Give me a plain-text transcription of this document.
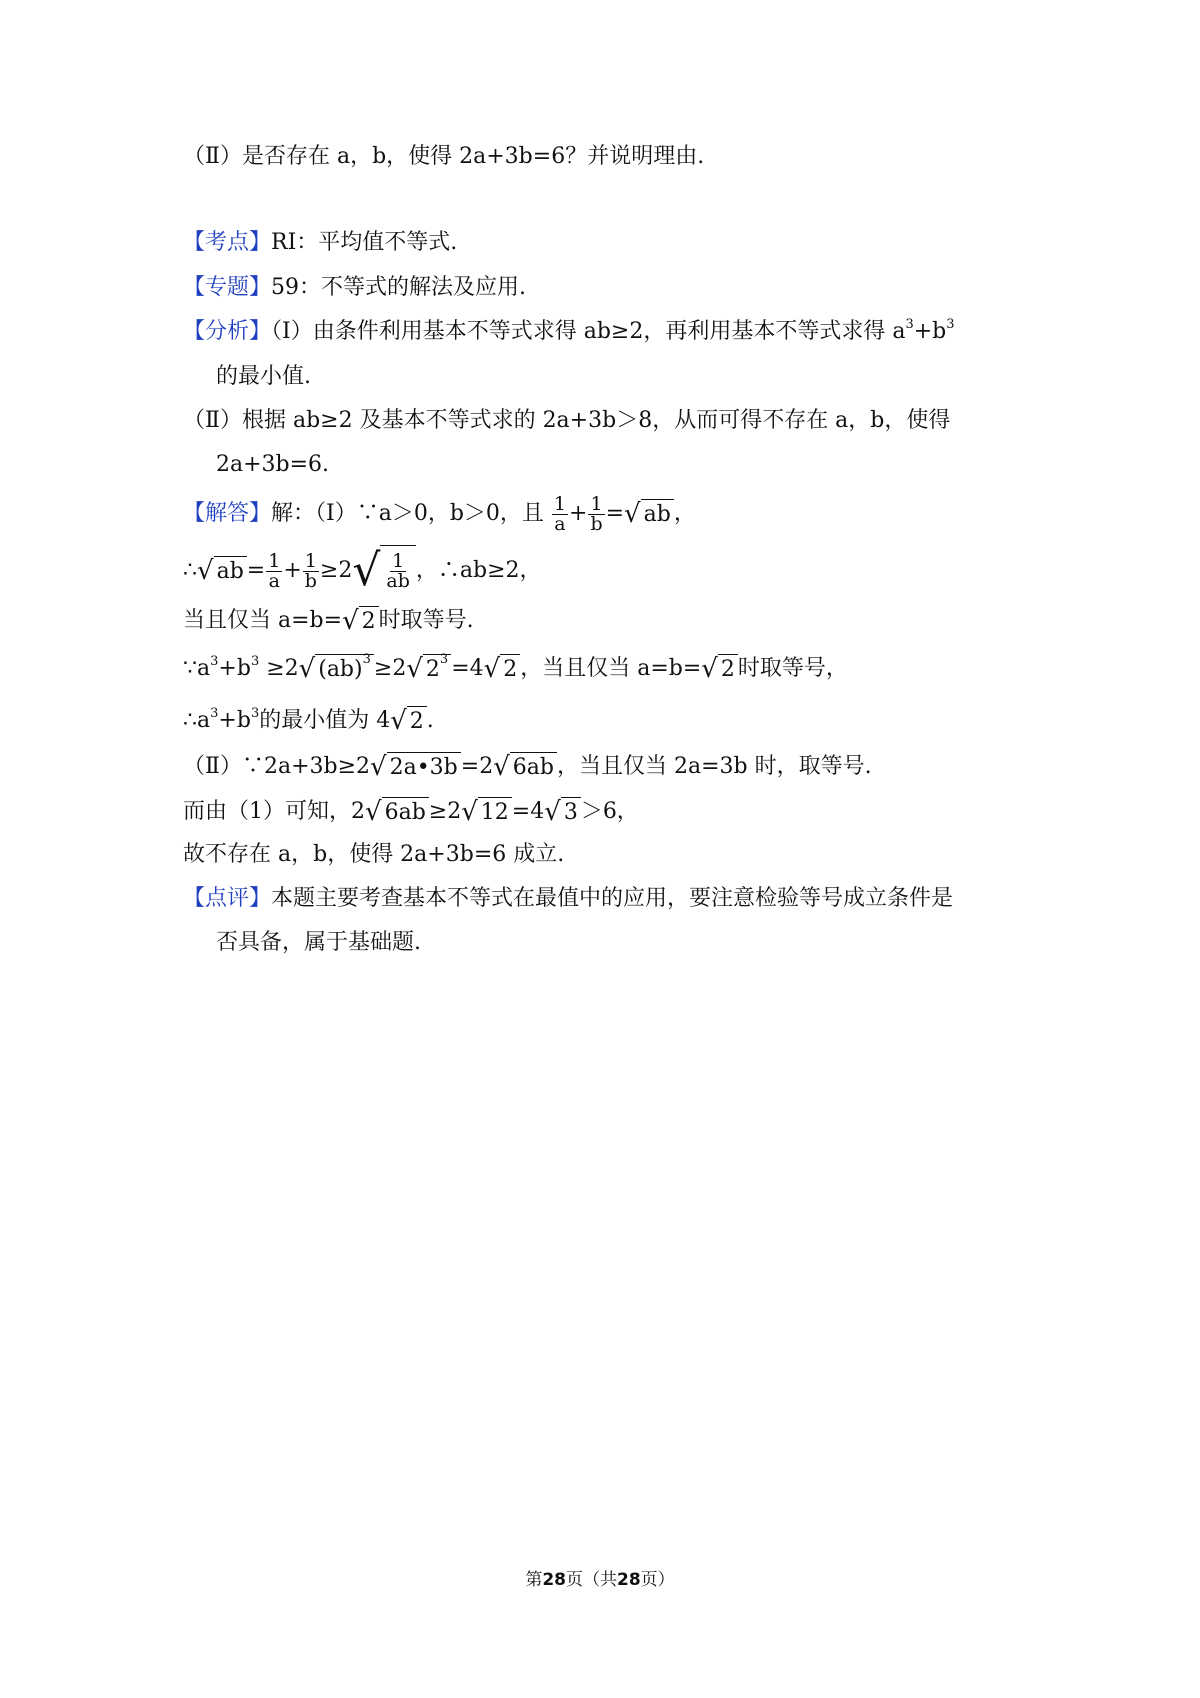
（Ⅱ）是否存在 a，b，使得 2a+3b=6？并说明理由.
【考点】RI：平均值不等式.
【专题】59：不等式的解法及应用.
【分析】（Ⅰ）由条件利用基本不等式求得 ab≥2，再利用基本不等式求得 $a^3+b^3$
的最小值.
（Ⅱ）根据 ab≥2 及基本不等式求的 2a+3b＞8，从而可得不存在 a，b，使得
2a+3b=6.
【解答】解：（Ⅰ）∵a＞0，b＞0，且 $\frac{1}{a} + \frac{1}{b}$ = √ ab ，
∴ √ ab = $\frac{1}{a} + \frac{1}{b} \ge 2$ √ $\frac{1}{ab}$ ，∴ab≥2，
当且仅当 a=b= √ 2 时取等号.
$\because a^3+b^3 \ge 2$ √ (ab) 3 ≥2 √ 2 3 =4 √ 2 ，当且仅当 a=b= √ 2 时取等号，
$\therefore a^3+b^3$的最小值为 4 √ 2 .
（Ⅱ）∵2a+3b≥2 √ 2a•3b =2 √ 6ab ，当且仅当 2a=3b 时，取等号.
而由（1）可知，2 √ 6ab ≥2 √ 12 =4 √ 3 ＞6，
故不存在 a，b，使得 2a+3b=6 成立.
【点评】本题主要考查基本不等式在最值中的应用，要注意检验等号成立条件是
否具备，属于基础题.
第28页（共28页）
